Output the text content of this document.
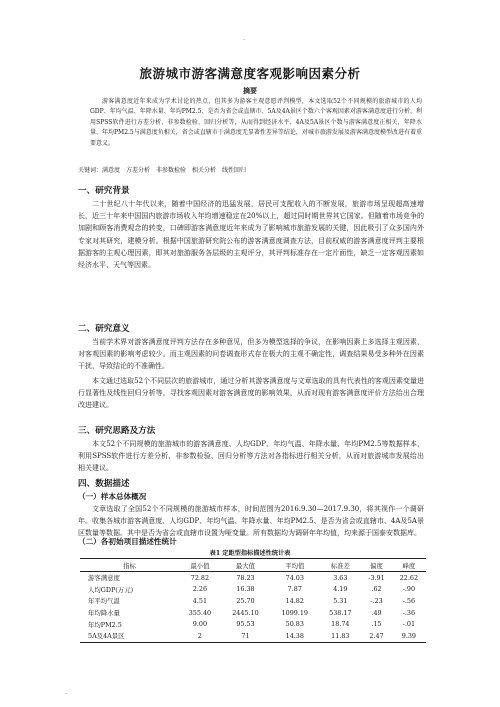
·
旅游城市游客满意度客观影响因素分析
摘要
游客满意度近年来成为学术讨论的热点，但其多为游客主观意愿评判模型，本文选取52个不同规模的旅游城市的人均GDP、年均气温、年降水量、年均PM2.5、是否为省会或直辖市、5A及4A景区个数六个客观因素对游客满意度进行分析，利用SPSS软件进行方差分析、非参数检验、回归分析等，从而得到经济水平、4A及5A景区个数与游客满意度正相关，年降水量、年均PM2.5与满意度负相关，省会或直辖市于满意度无显著性差异等结论，对城市旅游发展及游客满意度模型改进有着重要意义。
关键词：满意度　方差分析　非参数检验　相关分析　线性回归
一、研究背景
二十世纪八十年代以来，随着中国经济的迅猛发展，居民可支配收入的不断发展，旅游市场呈现超高速增长，近三十年来中国国内旅游市场收入年均增速稳定在20%以上，超过同时期世界其它国家。但随着市场竞争的加剧和顾客消费观念的转变，口碑即游客满意度近年来成为了影响城市旅游发展的关键，因此吸引了众多国内外专家对其研究，建模分析。根据中国旅游研究院公布的游客满意度调查方法，目前权威的游客满意度评判主要根据游客的主观心理因素，即其对旅游服务各层级的主观评分，其评判标准存在一定片面性，缺乏一定客观因素如经济水平、天气等因素。
二、研究意义
当前学术界对游客满意度评判方法存在多种意见，但多为模型选择的争议，在影响因素上多选择主观因素，对客观因素的影响考虑较少。而主观因素的问卷调查形式存在极大的主观不确定性，调查结果易受多种外在因素干扰，导致结论的不准确性。
本文通过选取52个不同层次的旅游城市，通过分析其游客满意度与文章选取的具有代表性的客观因素变量进行显著性及线性回归分析等，寻找客观因素对游客满意度的影响效果，从而对现有游客满意度评价方法给出合理改进建议。
三、研究思路及方法
本文52个不同规模的旅游城市的游客满意度、人均GDP、年均气温、年降水量、年均PM2.5等数据样本，利用SPSS软件进行方差分析、非参数检验、回归分析等方法对各指标进行相关分析，从而对旅游城市发展给出相关建议。
四、数据描述
（一）样本总体概况
文章选取了全国52个不同规模的旅游城市样本，时间范围为2016.9.30—2017.9.30，将其视作一个调研年。收集各城市游客满意度、人均GDP、年均气温、年降水量、年均PM2.5、是否为省会或直辖市、4A及5A景区数量等数据。其中是否为省会或直辖市设置为哑变量。所有数据均为调研年年均值，均来源于国泰安数据库。
（二）各初始项目描述性统计
表1 定距型指标描述性统计表
指标	最小值	最大值	平均值	标准差	偏度	峰度
游客满意度	72.82	78.23	74.03	3.63	-3.91	22.62
人均GDP(万元)	2.26	16.38	7.87	4.19	.62	-.90
年平均气温	4.51	25.70	14.82	5.31	-.23	-.56
年均降水量	355.40	2445.10	1099.19	538.17	.49	-.36
年均PM2.5	9.00	95.53	50.83	18.74	.15	-.01
5A及4A景区	2	71	14.38	11.83	2.47	9.39
·
